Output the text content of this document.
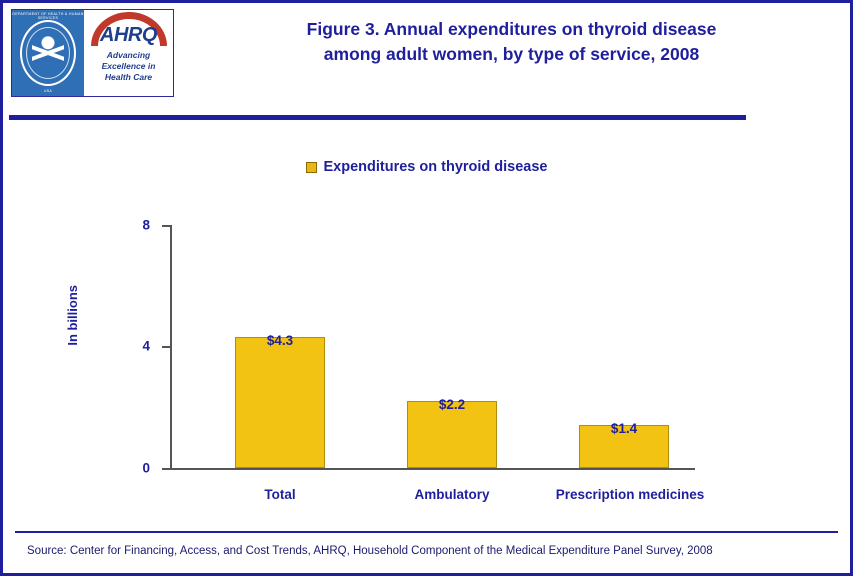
DEPARTMENT OF HEALTH & HUMAN SERVICES
USA
AHRQ
Advancing
Excellence in
Health Care
Figure 3. Annual expenditures on thyroid disease
among adult women, by type of service, 2008
Expenditures on thyroid disease
In billions
0
4
8
$4.3
$2.2
$1.4
Total	Ambulatory	Prescription medicines
Source: Center for Financing, Access, and Cost Trends, AHRQ, Household Component of the Medical Expenditure Panel Survey, 2008
